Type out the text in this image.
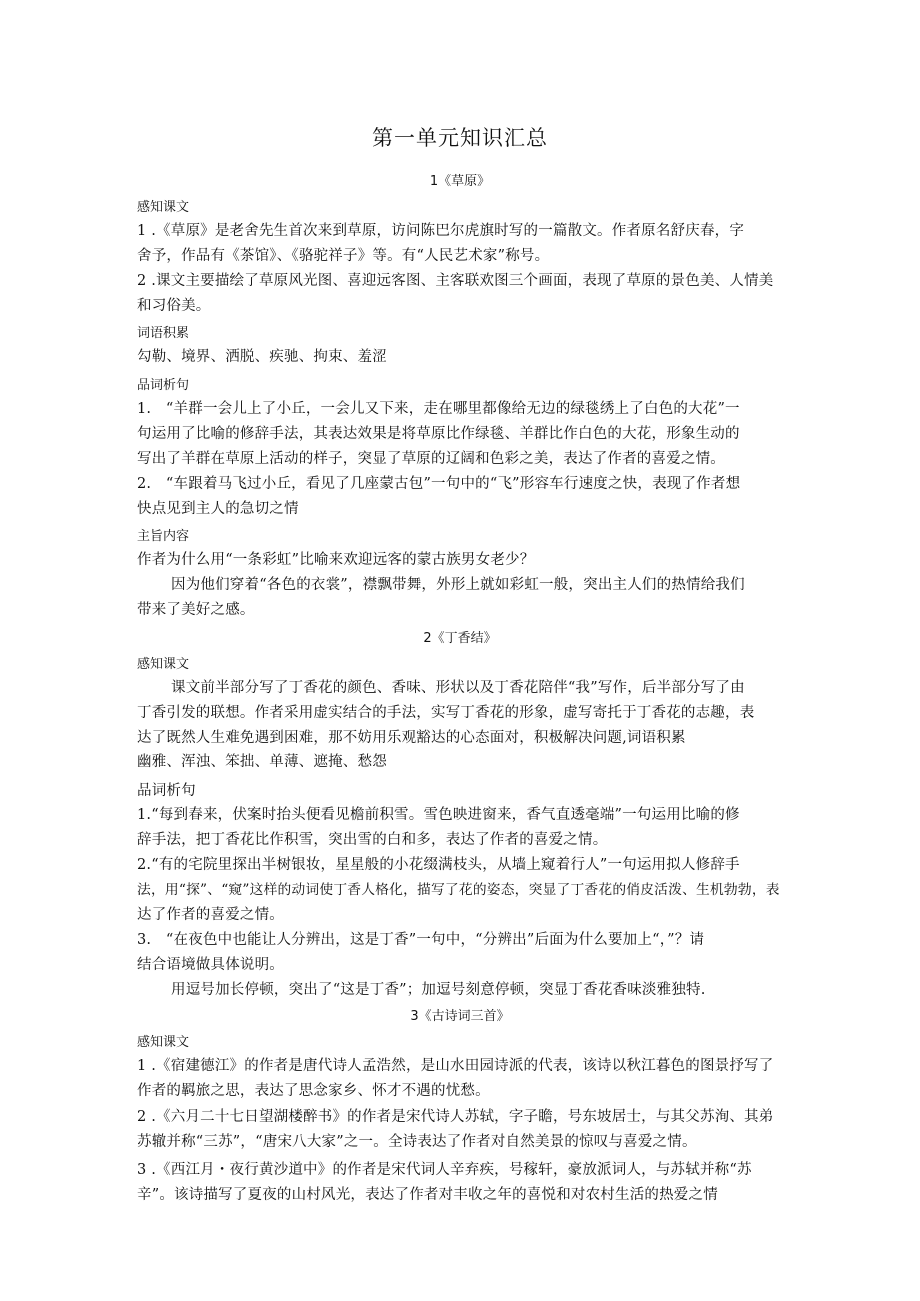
第一单元知识汇总
1《草原》
感知课文
1 .《草原》是老舍先生首次来到草原，访问陈巴尔虎旗时写的一篇散文。作者原名舒庆春，字
舍予，作品有《茶馆》、《骆驼祥子》等。有“人民艺术家”称号。
2 .课文主要描绘了草原风光图、喜迎远客图、主客联欢图三个画面，表现了草原的景色美、人情美
和习俗美。
词语积累
勾勒、境界、洒脱、疾驰、拘束、羞涩
品词析句
1.　“羊群一会儿上了小丘，一会儿又下来，走在哪里都像给无边的绿毯绣上了白色的大花”一
句运用了比喻的修辞手法，其表达效果是将草原比作绿毯、羊群比作白色的大花，形象生动的
写出了羊群在草原上活动的样子，突显了草原的辽阔和色彩之美，表达了作者的喜爱之情。
2.　“车跟着马飞过小丘，看见了几座蒙古包”一句中的“飞”形容车行速度之快，表现了作者想
快点见到主人的急切之情
主旨内容
作者为什么用“一条彩虹”比喻来欢迎远客的蒙古族男女老少？
因为他们穿着“各色的衣裳”，襟飘带舞，外形上就如彩虹一般，突出主人们的热情给我们
带来了美好之感。
2《丁香结》
感知课文
课文前半部分写了丁香花的颜色、香味、形状以及丁香花陪伴“我”写作，后半部分写了由
丁香引发的联想。作者采用虚实结合的手法，实写丁香花的形象，虚写寄托于丁香花的志趣，表
达了既然人生难免遇到困难，那不妨用乐观豁达的心态面对，积极解决问题,词语积累
幽雅、浑浊、笨拙、单薄、遮掩、愁怨
品词析句
1.“每到春来，伏案时抬头便看见檐前积雪。雪色映进窗来，香气直透毫端”一句运用比喻的修
辞手法，把丁香花比作积雪，突出雪的白和多，表达了作者的喜爱之情。
2.“有的宅院里探出半树银妆，星星般的小花缀满枝头，从墙上窥着行人”一句运用拟人修辞手
法，用“探”、“窥”这样的动词使丁香人格化，描写了花的姿态，突显了丁香花的俏皮活泼、生机勃勃，表
达了作者的喜爱之情。
3.　“在夜色中也能让人分辨出，这是丁香”一句中，“分辨出”后面为什么要加上“，”？请
结合语境做具体说明。
用逗号加长停顿，突出了“这是丁香”；加逗号刻意停顿，突显丁香花香味淡雅独特.
3《古诗词三首》
感知课文
1 .《宿建德江》的作者是唐代诗人孟浩然，是山水田园诗派的代表，该诗以秋江暮色的图景抒写了
作者的羁旅之思，表达了思念家乡、怀才不遇的忧愁。
2 .《六月二十七日望湖楼醉书》的作者是宋代诗人苏轼，字子瞻，号东坡居士，与其父苏洵、其弟
苏辙并称“三苏”，“唐宋八大家”之一。全诗表达了作者对自然美景的惊叹与喜爱之情。
3 .《西江月・夜行黄沙道中》的作者是宋代词人辛弃疾，号稼轩，豪放派词人，与苏轼并称“苏
辛”。该诗描写了夏夜的山村风光，表达了作者对丰收之年的喜悦和对农村生活的热爱之情
